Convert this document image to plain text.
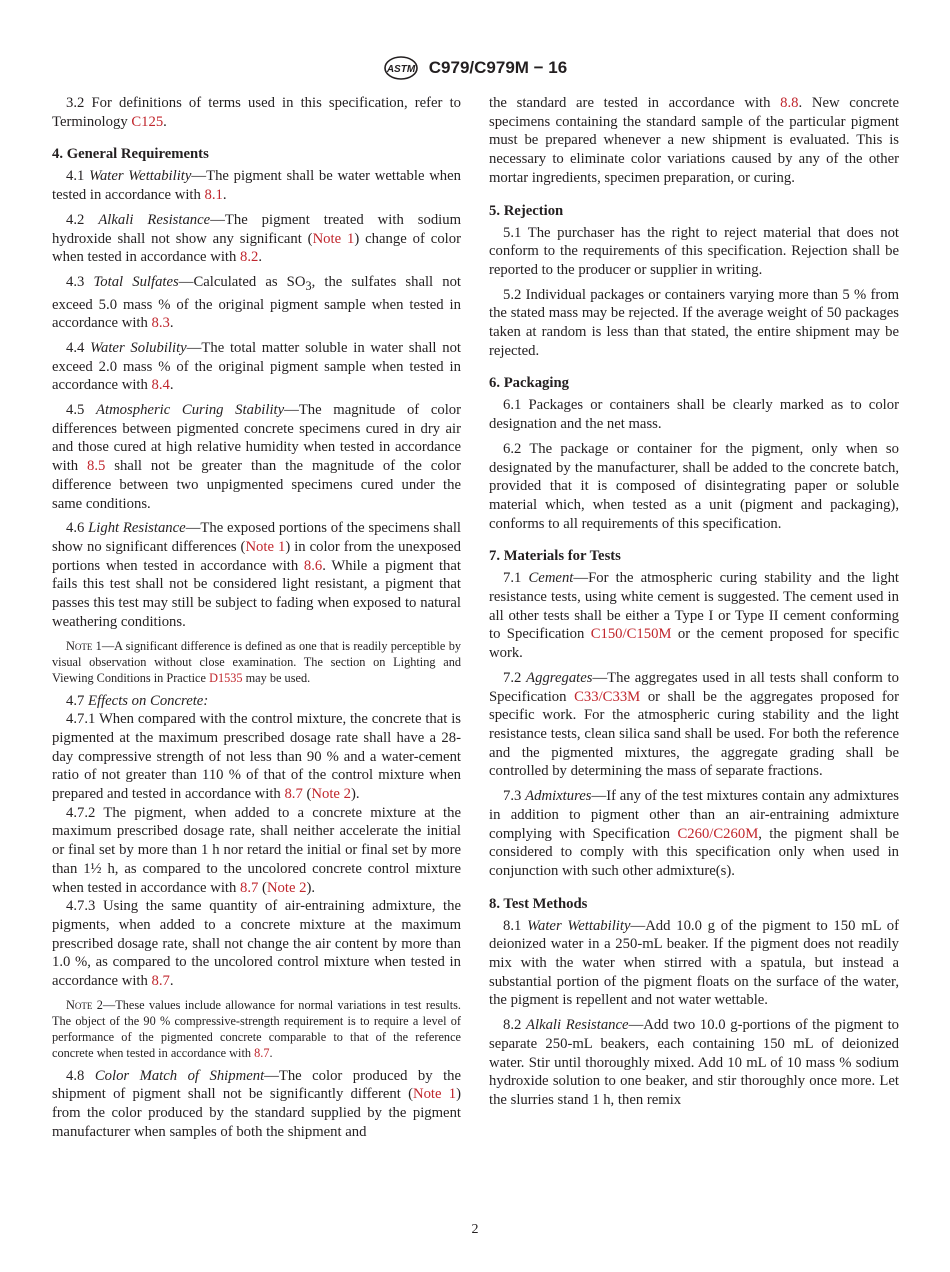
ASTM C979/C979M − 16

3.2 For definitions of terms used in this specification, refer to Terminology C125.

4. General Requirements

4.1 Water Wettability—The pigment shall be water wettable when tested in accordance with 8.1.

4.2 Alkali Resistance—The pigment treated with sodium hydroxide shall not show any significant (Note 1) change of color when tested in accordance with 8.2.

4.3 Total Sulfates—Calculated as $SO_3$, the sulfates shall not exceed 5.0 mass % of the original pigment sample when tested in accordance with 8.3.

4.4 Water Solubility—The total matter soluble in water shall not exceed 2.0 mass % of the original pigment sample when tested in accordance with 8.4.

4.5 Atmospheric Curing Stability—The magnitude of color differences between pigmented concrete specimens cured in dry air and those cured at high relative humidity when tested in accordance with 8.5 shall not be greater than the magnitude of the color difference between two unpigmented specimens cured under the same conditions.

4.6 Light Resistance—The exposed portions of the specimens shall show no significant differences (Note 1) in color from the unexposed portions when tested in accordance with 8.6. While a pigment that fails this test shall not be considered light resistant, a pigment that passes this test may still be subject to fading when exposed to natural weathering conditions.

Note 1—A significant difference is defined as one that is readily perceptible by visual observation without close examination. The section on Lighting and Viewing Conditions in Practice D1535 may be used.

4.7 Effects on Concrete:

4.7.1 When compared with the control mixture, the concrete that is pigmented at the maximum prescribed dosage rate shall have a 28-day compressive strength of not less than 90 % and a water-cement ratio of not greater than 110 % of that of the control mixture when prepared and tested in accordance with 8.7 (Note 2).

4.7.2 The pigment, when added to a concrete mixture at the maximum prescribed dosage rate, shall neither accelerate the initial or final set by more than 1 h nor retard the initial or final set by more than 1½ h, as compared to the uncolored concrete control mixture when tested in accordance with 8.7 (Note 2).

4.7.3 Using the same quantity of air-entraining admixture, the pigments, when added to a concrete mixture at the maximum prescribed dosage rate, shall not change the air content by more than 1.0 %, as compared to the uncolored control mixture when tested in accordance with 8.7.

Note 2—These values include allowance for normal variations in test results. The object of the 90 % compressive-strength requirement is to require a level of performance of the pigmented concrete comparable to that of the reference concrete when tested in accordance with 8.7.

4.8 Color Match of Shipment—The color produced by the shipment of pigment shall not be significantly different (Note 1) from the color produced by the standard supplied by the pigment manufacturer when samples of both the shipment and

the standard are tested in accordance with 8.8. New concrete specimens containing the standard sample of the particular pigment must be prepared whenever a new shipment is evaluated. This is necessary to eliminate color variations caused by any of the other mortar ingredients, specimen preparation, or curing.

5. Rejection

5.1 The purchaser has the right to reject material that does not conform to the requirements of this specification. Rejection shall be reported to the producer or supplier in writing.

5.2 Individual packages or containers varying more than 5 % from the stated mass may be rejected. If the average weight of 50 packages taken at random is less than that stated, the entire shipment may be rejected.

6. Packaging

6.1 Packages or containers shall be clearly marked as to color designation and the net mass.

6.2 The package or container for the pigment, only when so designated by the manufacturer, shall be added to the concrete batch, provided that it is composed of disintegrating paper or soluble material which, when tested as a unit (pigment and packaging), conforms to all requirements of this specification.

7. Materials for Tests

7.1 Cement—For the atmospheric curing stability and the light resistance tests, using white cement is suggested. The cement used in all other tests shall be either a Type I or Type II cement conforming to Specification C150/C150M or the cement proposed for specific work.

7.2 Aggregates—The aggregates used in all tests shall conform to Specification C33/C33M or shall be the aggregates proposed for specific work. For the atmospheric curing stability and the light resistance tests, clean silica sand shall be used. For both the reference and the pigmented mixtures, the aggregate grading shall be controlled by determining the mass of separate fractions.

7.3 Admixtures—If any of the test mixtures contain any admixtures in addition to pigment other than an air-entraining admixture complying with Specification C260/C260M, the pigment shall be considered to comply with this specification only when used in conjunction with such other admixture(s).

8. Test Methods

8.1 Water Wettability—Add 10.0 g of the pigment to 150 mL of deionized water in a 250-mL beaker. If the pigment does not readily mix with the water when stirred with a spatula, but instead a substantial portion of the pigment floats on the surface of the water, the pigment is repellent and not water wettable.

8.2 Alkali Resistance—Add two 10.0 g-portions of the pigment to separate 250-mL beakers, each containing 150 mL of deionized water. Stir until thoroughly mixed. Add 10 mL of 10 mass % sodium hydroxide solution to one beaker, and stir thoroughly once more. Let the slurries stand 1 h, then remix

2
